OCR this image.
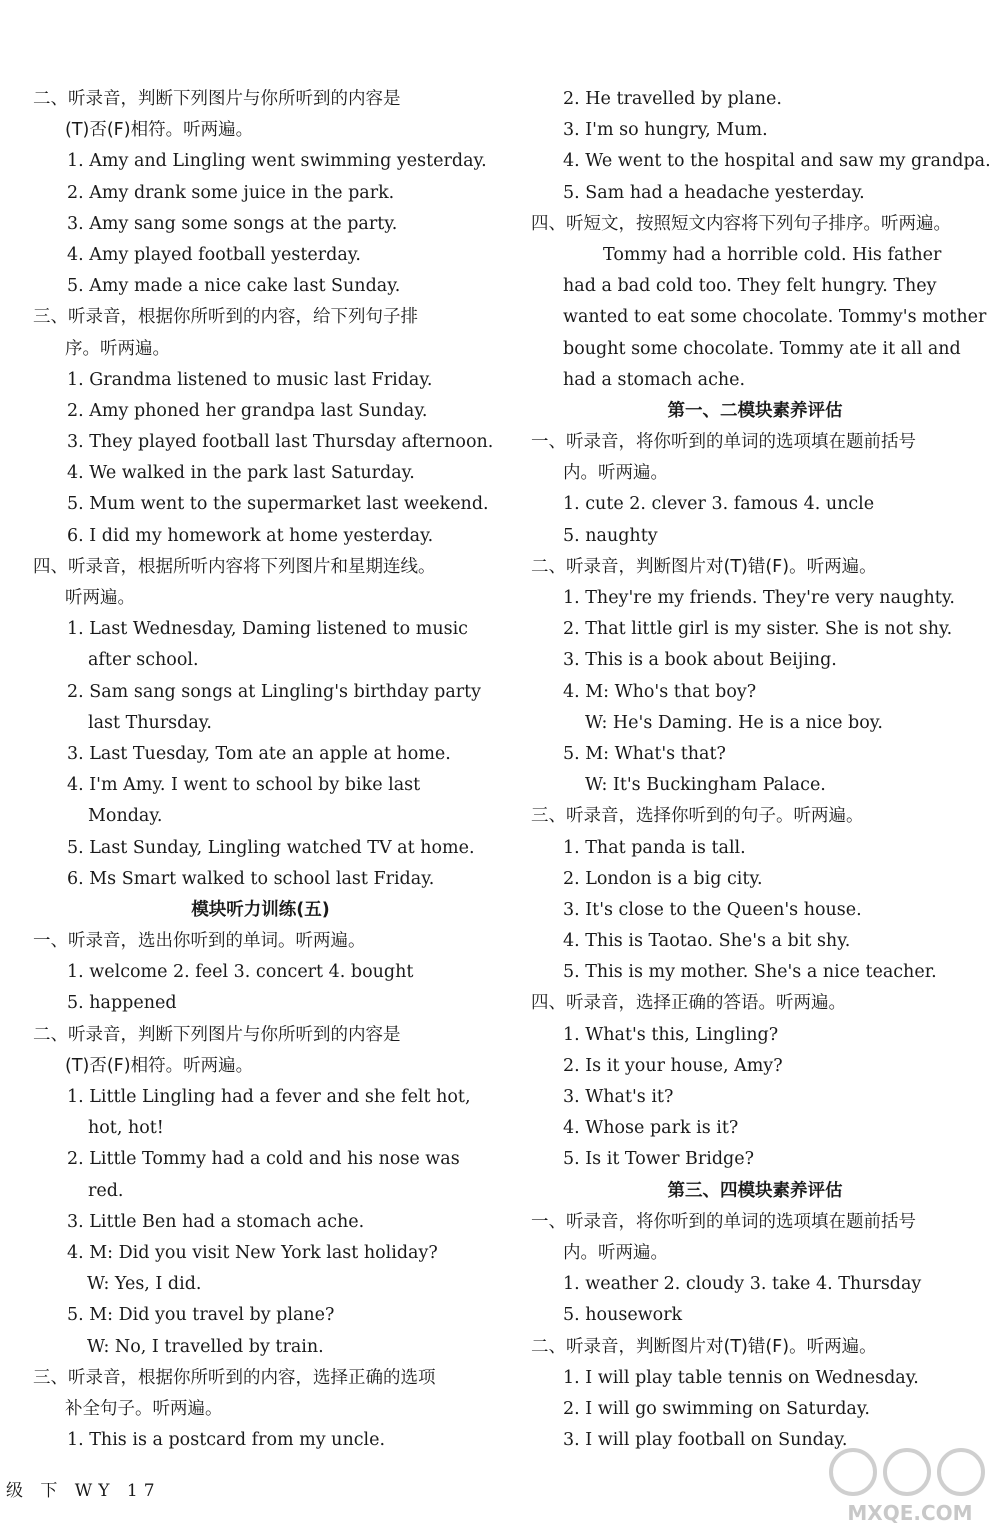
二、听录音，判断下列图片与你所听到的内容是
(T)否(F)相符。听两遍。
1. Amy and Lingling went swimming yesterday.
2. Amy drank some juice in the park.
3. Amy sang some songs at the party.
4. Amy played football yesterday.
5. Amy made a nice cake last Sunday.
三、听录音，根据你所听到的内容，给下列句子排
序。听两遍。
1. Grandma listened to music last Friday.
2. Amy phoned her grandpa last Sunday.
3. They played football last Thursday afternoon.
4. We walked in the park last Saturday.
5. Mum went to the supermarket last weekend.
6. I did my homework at home yesterday.
四、听录音，根据所听内容将下列图片和星期连线。
听两遍。
1. Last Wednesday, Daming listened to music
after school.
2. Sam sang songs at Lingling's birthday party
last Thursday.
3. Last Tuesday, Tom ate an apple at home.
4. I'm Amy. I went to school by bike last
Monday.
5. Last Sunday, Lingling watched TV at home.
6. Ms Smart walked to school last Friday.
模块听力训练(五)
一、听录音，选出你听到的单词。听两遍。
1. welcome 2. feel 3. concert 4. bought
5. happened
二、听录音，判断下列图片与你所听到的内容是
(T)否(F)相符。听两遍。
1. Little Lingling had a fever and she felt hot,
hot, hot!
2. Little Tommy had a cold and his nose was
red.
3. Little Ben had a stomach ache.
4. M: Did you visit New York last holiday?
W: Yes, I did.
5. M: Did you travel by plane?
W: No, I travelled by train.
三、听录音，根据你所听到的内容，选择正确的选项
补全句子。听两遍。
1. This is a postcard from my uncle.
2. He travelled by plane.
3. I'm so hungry, Mum.
4. We went to the hospital and saw my grandpa.
5. Sam had a headache yesterday.
四、听短文，按照短文内容将下列句子排序。听两遍。
Tommy had a horrible cold. His father
had a bad cold too. They felt hungry. They
wanted to eat some chocolate. Tommy's mother
bought some chocolate. Tommy ate it all and
had a stomach ache.
第一、二模块素养评估
一、听录音，将你听到的单词的选项填在题前括号
内。听两遍。
1. cute 2. clever 3. famous 4. uncle
5. naughty
二、听录音，判断图片对(T)错(F)。听两遍。
1. They're my friends. They're very naughty.
2. That little girl is my sister. She is not shy.
3. This is a book about Beijing.
4. M: Who's that boy?
W: He's Daming. He is a nice boy.
5. M: What's that?
W: It's Buckingham Palace.
三、听录音，选择你听到的句子。听两遍。
1. That panda is tall.
2. London is a big city.
3. It's close to the Queen's house.
4. This is Taotao. She's a bit shy.
5. This is my mother. She's a nice teacher.
四、听录音，选择正确的答语。听两遍。
1. What's this, Lingling?
2. Is it your house, Amy?
3. What's it?
4. Whose park is it?
5. Is it Tower Bridge?
第三、四模块素养评估
一、听录音，将你听到的单词的选项填在题前括号
内。听两遍。
1. weather 2. cloudy 3. take 4. Thursday
5. housework
二、听录音，判断图片对(T)错(F)。听两遍。
1. I will play table tennis on Wednesday.
2. I will go swimming on Saturday.
3. I will play football on Sunday.
级 下 WY 17
MXQE.COM
